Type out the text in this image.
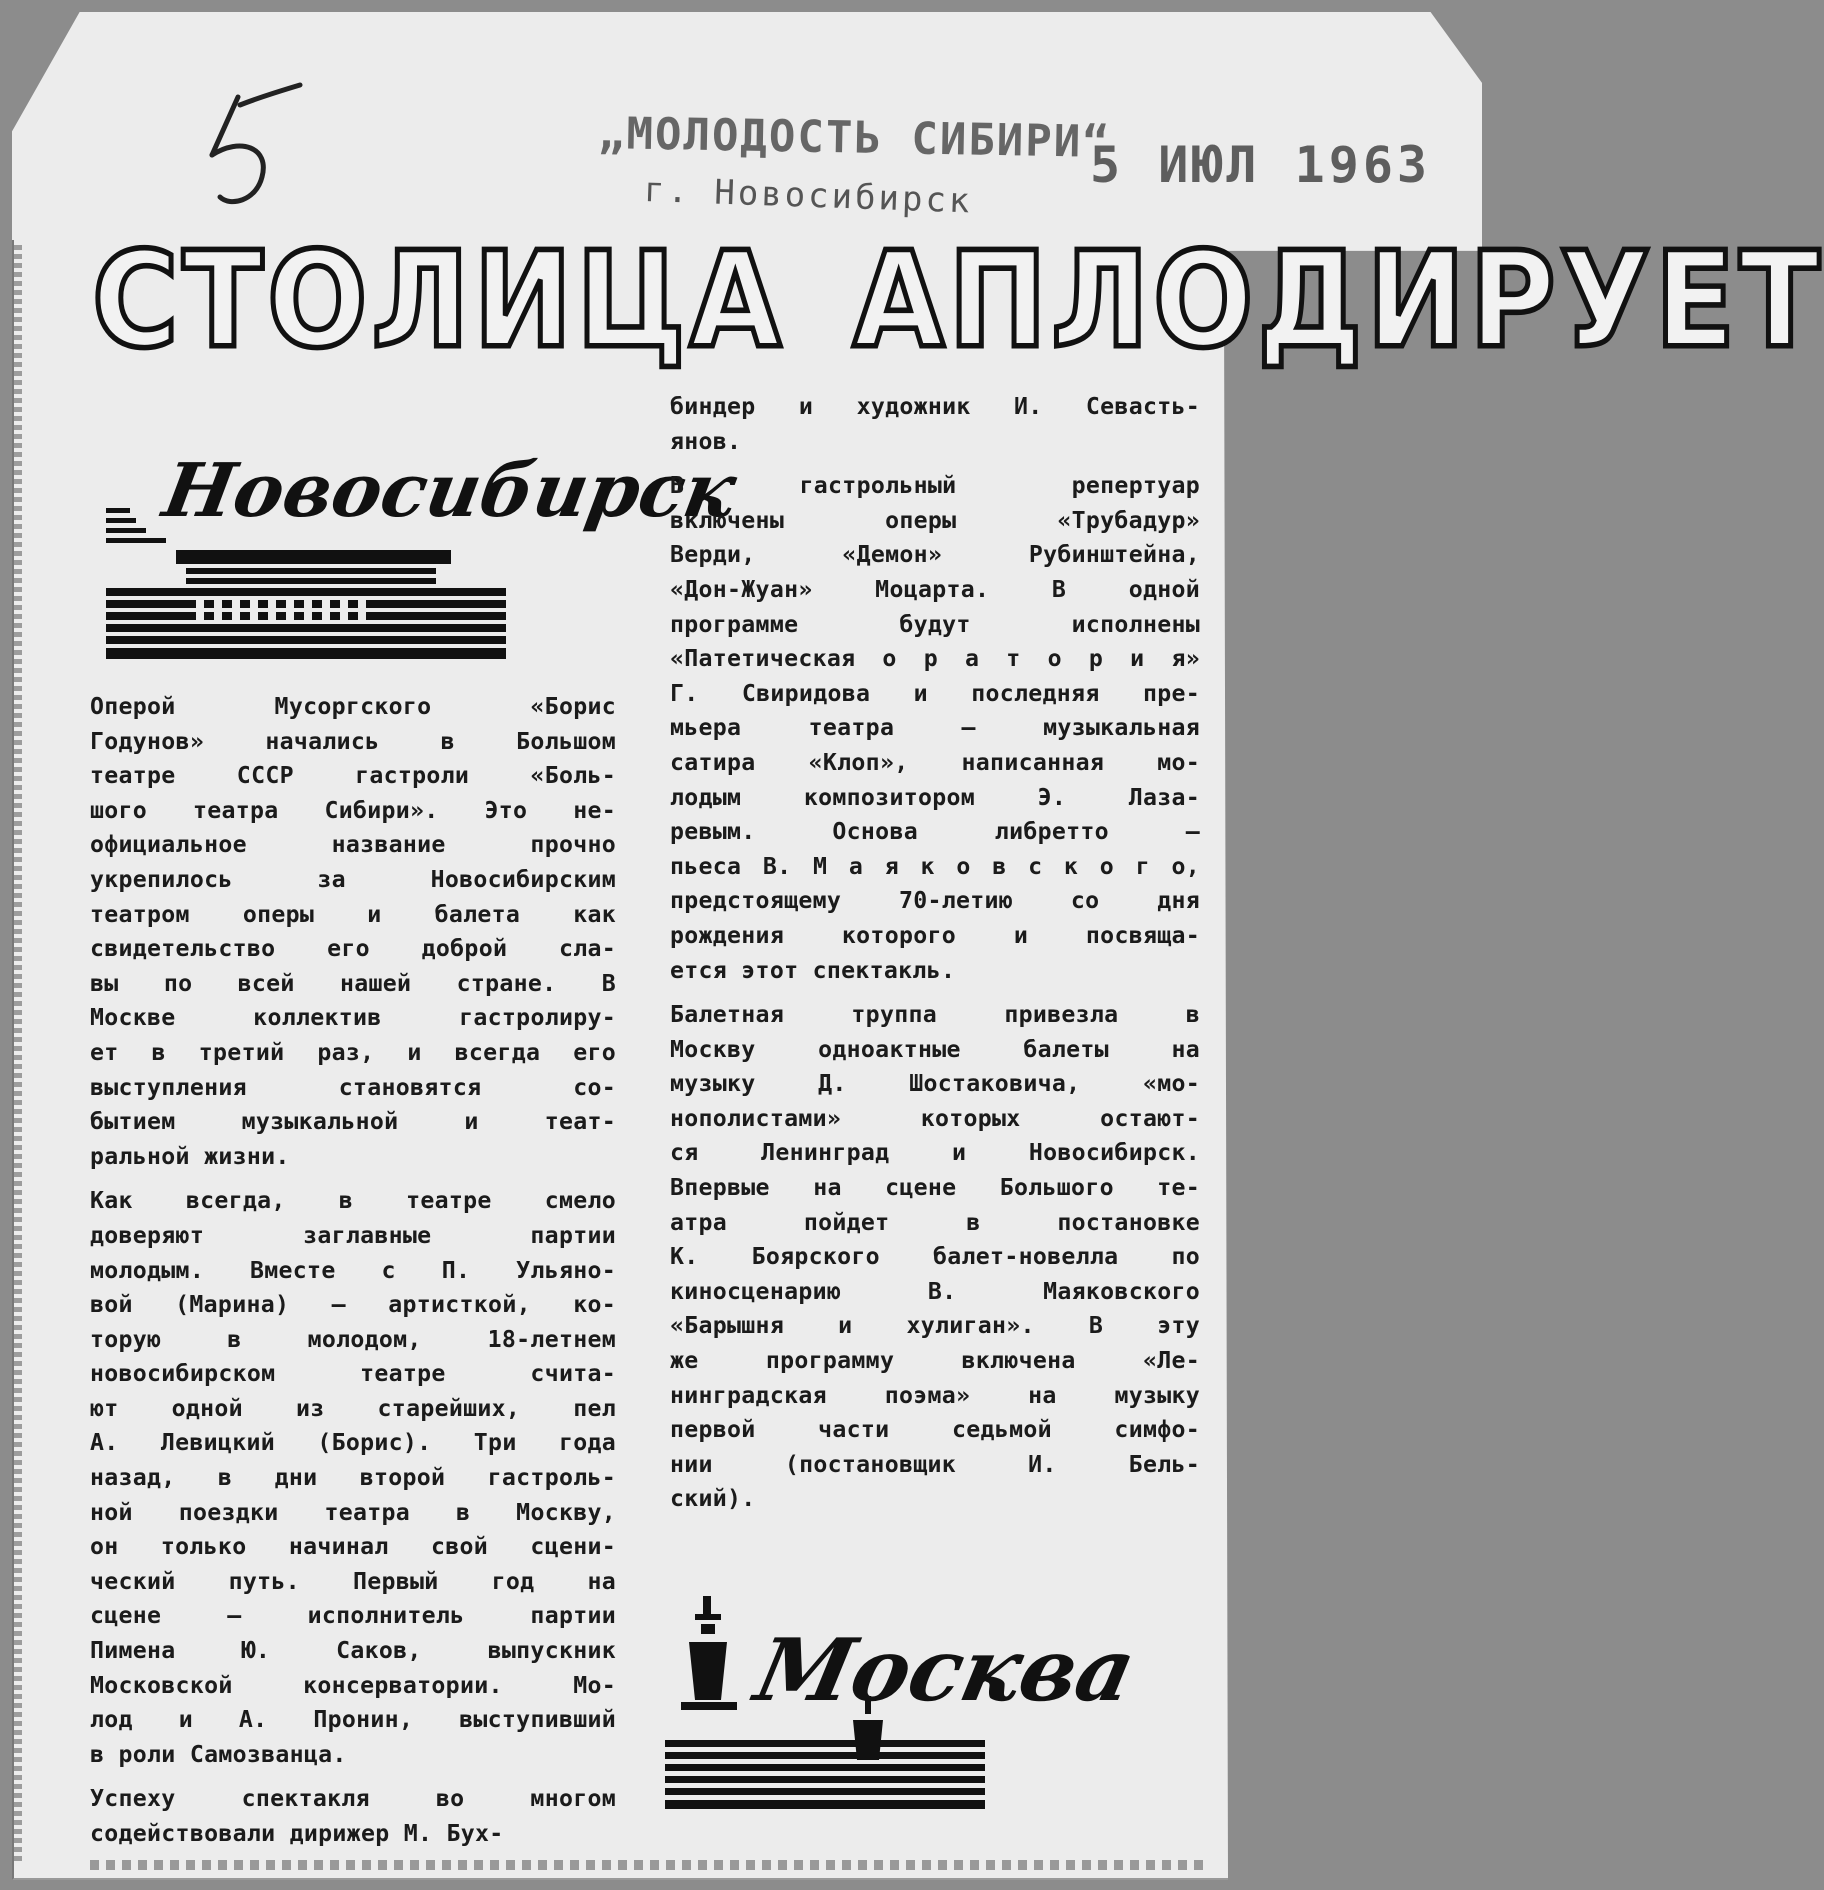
„МОЛОДОСТЬ СИБИРИ“
г. Новосибирск
5 ИЮЛ 1963
СТОЛИЦА АПЛОДИРУЕТ
Новосибирск
Оперой Мусоргского «Борис
Годунов» начались в Большом
театре СССР гастроли «Боль-
шого театра Сибири». Это не-
официальное название прочно
укрепилось за Новосибирским
театром оперы и балета как
свидетельство его доброй сла-
вы по всей нашей стране. В
Москве коллектив гастролиру-
ет в третий раз, и всегда его
выступления становятся со-
бытием музыкальной и теат-
ральной жизни.
Как всегда, в театре смело
доверяют заглавные партии
молодым. Вместе с П. Ульяно-
вой (Марина) — артисткой, ко-
торую в молодом, 18-летнем
новосибирском театре счита-
ют одной из старейших, пел
А. Левицкий (Борис). Три года
назад, в дни второй гастроль-
ной поездки театра в Москву,
он только начинал свой сцени-
ческий путь. Первый год на
сцене — исполнитель партии
Пимена Ю. Саков, выпускник
Московской консерватории. Мо-
лод и А. Пронин, выступивший
в роли Самозванца.
Успеху спектакля во многом
содействовали дирижер М. Бух-
биндер и художник И. Севасть-
янов.
В гастрольный репертуар
включены оперы «Трубадур»
Верди, «Демон» Рубинштейна,
«Дон-Жуан» Моцарта. В одной
программе будут исполнены
«Патетическая о р а т о р и я»
Г. Свиридова и последняя пре-
мьера театра — музыкальная
сатира «Клоп», написанная мо-
лодым композитором Э. Лаза-
ревым. Основа либретто —
пьеса В. М а я к о в с к о г о,
предстоящему 70-летию со дня
рождения которого и посвяща-
ется этот спектакль.
Балетная труппа привезла в
Москву одноактные балеты на
музыку Д. Шостаковича, «мо-
нополистами» которых остают-
ся Ленинград и Новосибирск.
Впервые на сцене Большого те-
атра пойдет в постановке
К. Боярского балет-новелла по
киносценарию В. Маяковского
«Барышня и хулиган». В эту
же программу включена «Ле-
нинградская поэма» на музыку
первой части седьмой симфо-
нии (постановщик И. Бель-
ский).
Москва
